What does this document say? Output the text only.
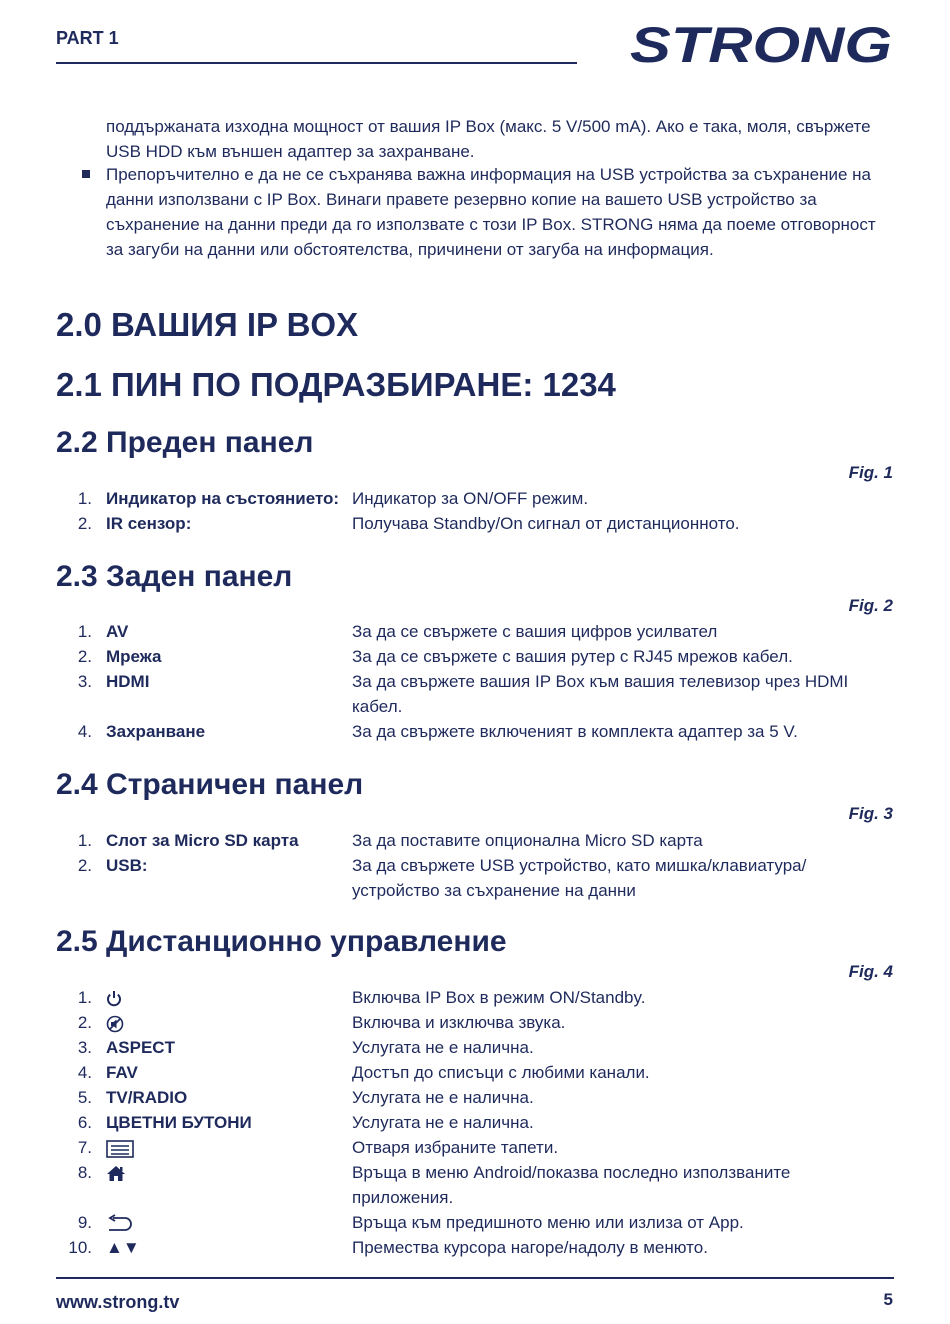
PART 1	STRONG
поддържаната изходна мощност от вашия IP Box (макс. 5 V/500 mA). Ако е така, моля, свържете USB HDD към външен адаптер за захранване.
Препоръчително е да не се съхранява важна информация на USB устройства за съхранение на данни използвани с IP Box. Винаги правете резервно копие на вашето USB устройство за съхранение на данни преди да го използвате с този IP Box. STRONG няма да поеме отговорност за загуби на данни или обстоятелства, причинени от загуба на информация.
2.0 ВАШИЯ IP BOX
2.1 ПИН ПО ПОДРАЗБИРАНЕ: 1234
2.2 Преден панел
Fig. 1
1. Индикатор на състоянието: Индикатор за ON/OFF режим.
2. IR сензор:	Получава Standby/On сигнал от дистанционното.
2.3 Заден панел
Fig. 2
1. AV	За да се свържете с вашия цифров усилвател
2. Мрежа	За да се свържете с вашия рутер с RJ45 мрежов кабел.
3. HDMI	За да свържете вашия IP Box към вашия телевизор чрез HDMI кабел.
4. Захранване	За да свържете включеният в комплекта адаптер за 5 V.
2.4 Страничен панел
Fig. 3
1. Слот за Micro SD карта	За да поставите опционална Micro SD карта
2. USB:	За да свържете USB устройство, като мишка/клавиатура/ устройство за съхранение на данни
2.5 Дистанционно управление
Fig. 4
1.	Включва IP Box в режим ON/Standby.
2.	Включва и изключва звука.
3. ASPECT	Услугата не е налична.
4. FAV	Достъп до списъци с любими канали.
5. TV/RADIO	Услугата не е налична.
6. ЦВЕТНИ БУТОНИ	Услугата не е налична.
7.	Отваря избраните тапети.
8.	Връща в меню Android/показва последно използваните приложения.
9.	Връща към предишното меню или излиза от App.
10. ▲▼	Премества курсора нагоре/надолу в менюто.
www.strong.tv	5
